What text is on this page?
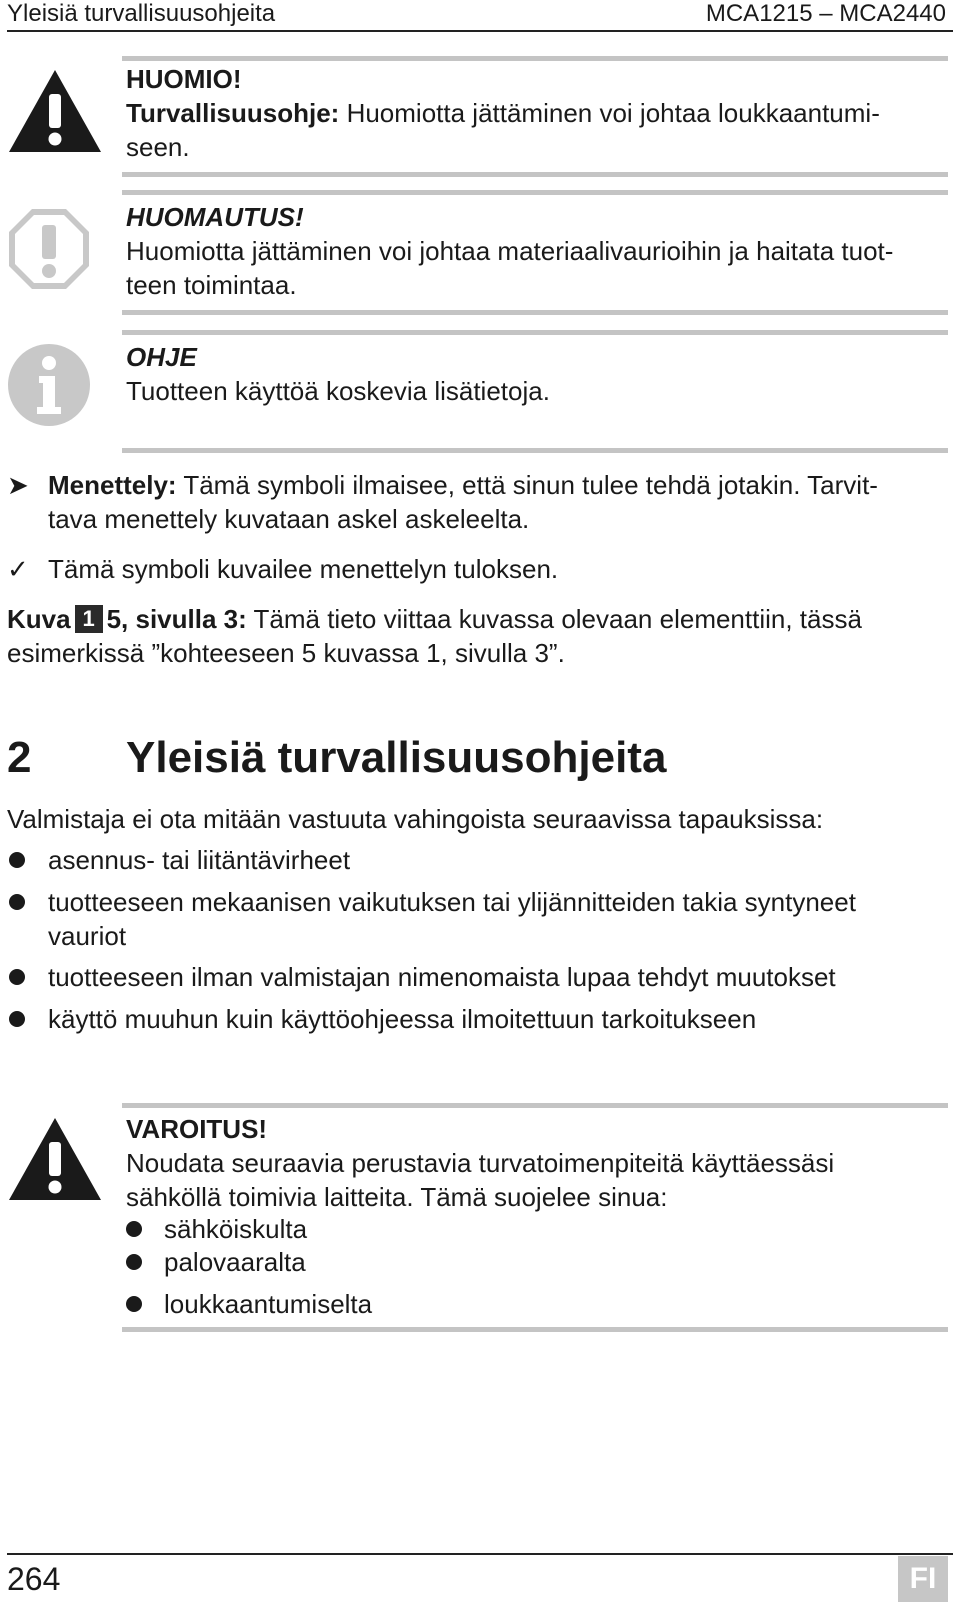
Yleisiä turvallisuusohjeita	MCA1215 – MCA2440
HUOMIO!
Turvallisuusohje: Huomiotta jättäminen voi johtaa loukkaantumi-
seen.
HUOMAUTUS!
Huomiotta jättäminen voi johtaa materiaalivaurioihin ja haitata tuot-
teen toimintaa.
OHJE
Tuotteen käyttöä koskevia lisätietoja.
➤ Menettely: Tämä symboli ilmaisee, että sinun tulee tehdä jotakin. Tarvit-
tava menettely kuvataan askel askeleelta.
✓ Tämä symboli kuvailee menettelyn tuloksen.
Kuva 1 5, sivulla 3: Tämä tieto viittaa kuvassa olevaan elementtiin, tässä
esimerkissä ”kohteeseen 5 kuvassa 1, sivulla 3”.
2 Yleisiä turvallisuusohjeita
Valmistaja ei ota mitään vastuuta vahingoista seuraavissa tapauksissa:
asennus- tai liitäntävirheet
tuotteeseen mekaanisen vaikutuksen tai ylijännitteiden takia syntyneet
vauriot
tuotteeseen ilman valmistajan nimenomaista lupaa tehdyt muutokset
käyttö muuhun kuin käyttöohjeessa ilmoitettuun tarkoitukseen
VAROITUS!
Noudata seuraavia perustavia turvatoimenpiteitä käyttäessäsi
sähköllä toimivia laitteita. Tämä suojelee sinua:
sähköiskulta
palovaaralta
loukkaantumiselta
264	FI
